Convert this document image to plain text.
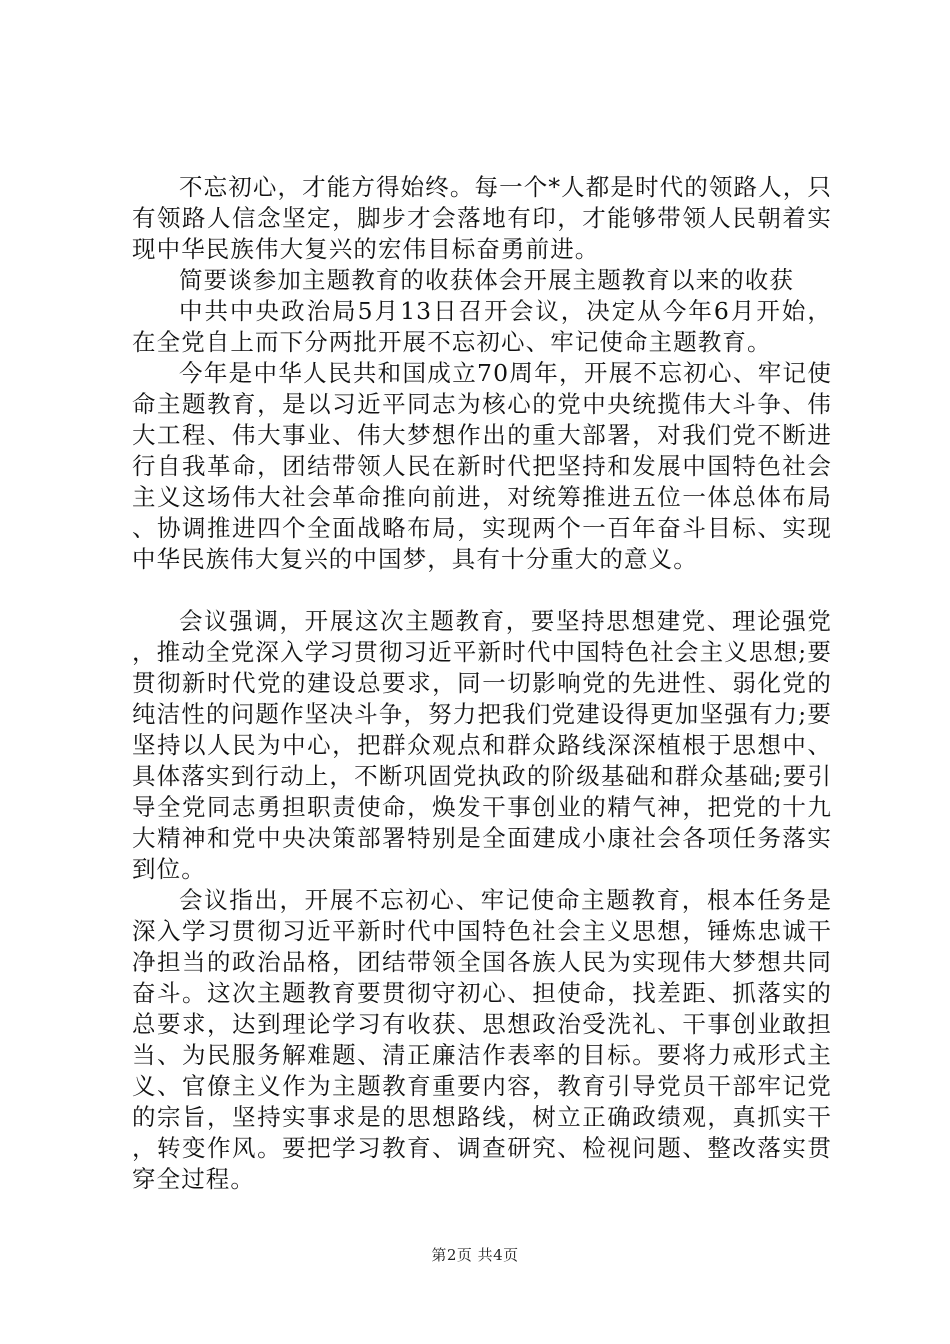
不忘初心，才能方得始终。每一个*人都是时代的领路人，只有领路人信念坚定，脚步才会落地有印，才能够带领人民朝着实现中华民族伟大复兴的宏伟目标奋勇前进。

简要谈参加主题教育的收获体会开展主题教育以来的收获

中共中央政治局5月13日召开会议，决定从今年6月开始，在全党自上而下分两批开展不忘初心、牢记使命主题教育。

今年是中华人民共和国成立70周年，开展不忘初心、牢记使命主题教育，是以习近平同志为核心的党中央统揽伟大斗争、伟大工程、伟大事业、伟大梦想作出的重大部署，对我们党不断进行自我革命，团结带领人民在新时代把坚持和发展中国特色社会主义这场伟大社会革命推向前进，对统筹推进五位一体总体布局、协调推进四个全面战略布局，实现两个一百年奋斗目标、实现中华民族伟大复兴的中国梦，具有十分重大的意义。

会议强调，开展这次主题教育，要坚持思想建党、理论强党，推动全党深入学习贯彻习近平新时代中国特色社会主义思想;要贯彻新时代党的建设总要求，同一切影响党的先进性、弱化党的纯洁性的问题作坚决斗争，努力把我们党建设得更加坚强有力;要坚持以人民为中心，把群众观点和群众路线深深植根于思想中、具体落实到行动上，不断巩固党执政的阶级基础和群众基础;要引导全党同志勇担职责使命，焕发干事创业的精气神，把党的十九大精神和党中央决策部署特别是全面建成小康社会各项任务落实到位。

会议指出，开展不忘初心、牢记使命主题教育，根本任务是深入学习贯彻习近平新时代中国特色社会主义思想，锤炼忠诚干净担当的政治品格，团结带领全国各族人民为实现伟大梦想共同奋斗。这次主题教育要贯彻守初心、担使命，找差距、抓落实的总要求，达到理论学习有收获、思想政治受洗礼、干事创业敢担当、为民服务解难题、清正廉洁作表率的目标。要将力戒形式主义、官僚主义作为主题教育重要内容，教育引导党员干部牢记党的宗旨，坚持实事求是的思想路线，树立正确政绩观，真抓实干，转变作风。要把学习教育、调查研究、检视问题、整改落实贯穿全过程。

第2页 共4页
